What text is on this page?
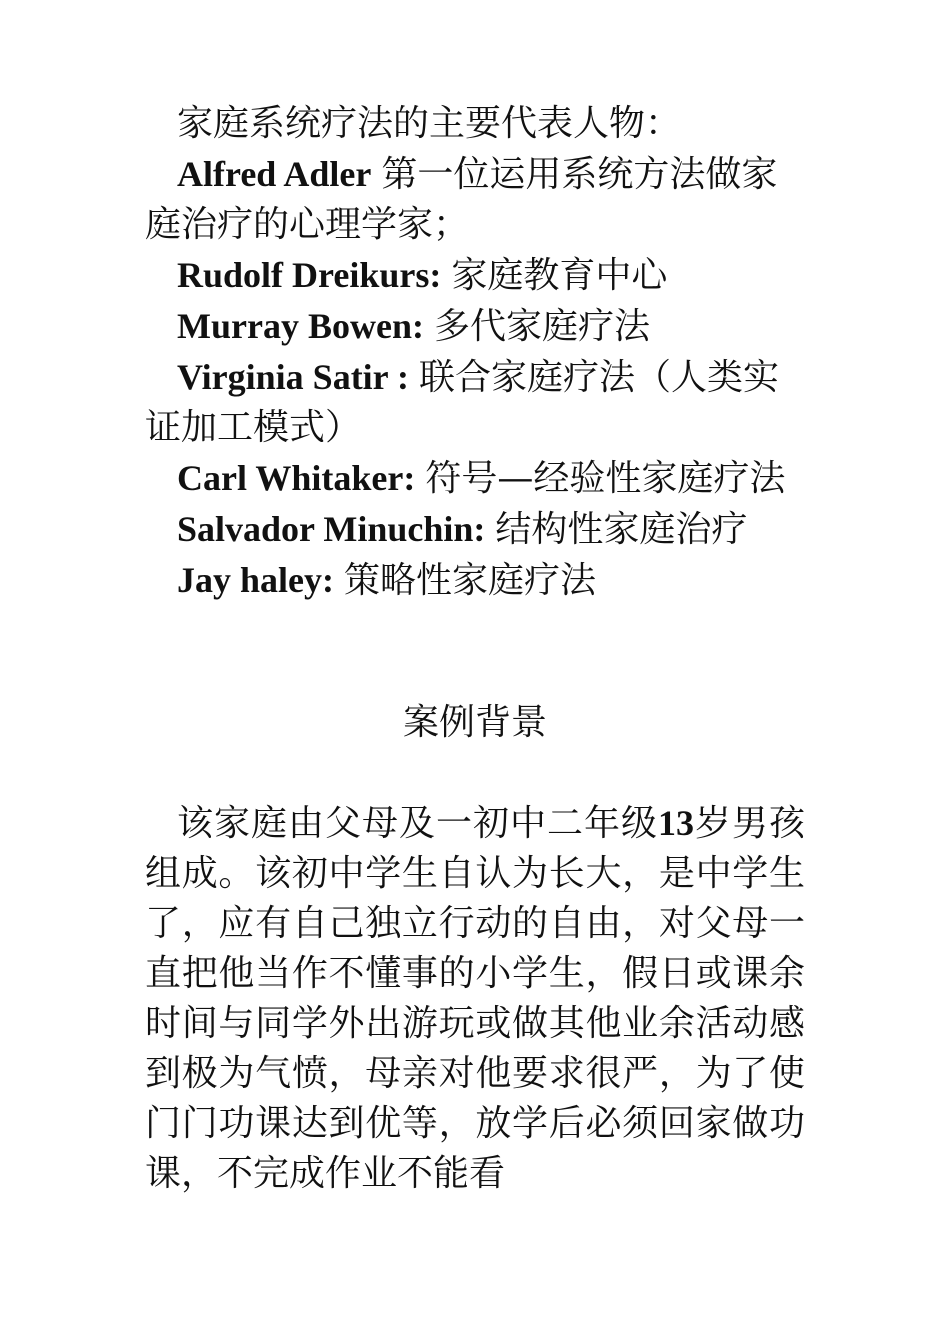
家庭系统疗法的主要代表人物：
Alfred Adler 第一位运用系统方法做家庭治疗的心理学家；
Rudolf Dreikurs: 家庭教育中心
Murray Bowen: 多代家庭疗法
Virginia Satir : 联合家庭疗法（人类实证加工模式）
Carl Whitaker: 符号—经验性家庭疗法
Salvador Minuchin: 结构性家庭治疗
Jay haley: 策略性家庭疗法
案例背景

该家庭由父母及一初中二年级13岁男孩组成。该初中学生自认为长大，是中学生了，应有自己独立行动的自由，对父母一直把他当作不懂事的小学生，假日或课余时间与同学外出游玩或做其他业余活动感到极为气愤，母亲对他要求很严，为了使门门功课达到优等，放学后必须回家做功课，不完成作业不能看
